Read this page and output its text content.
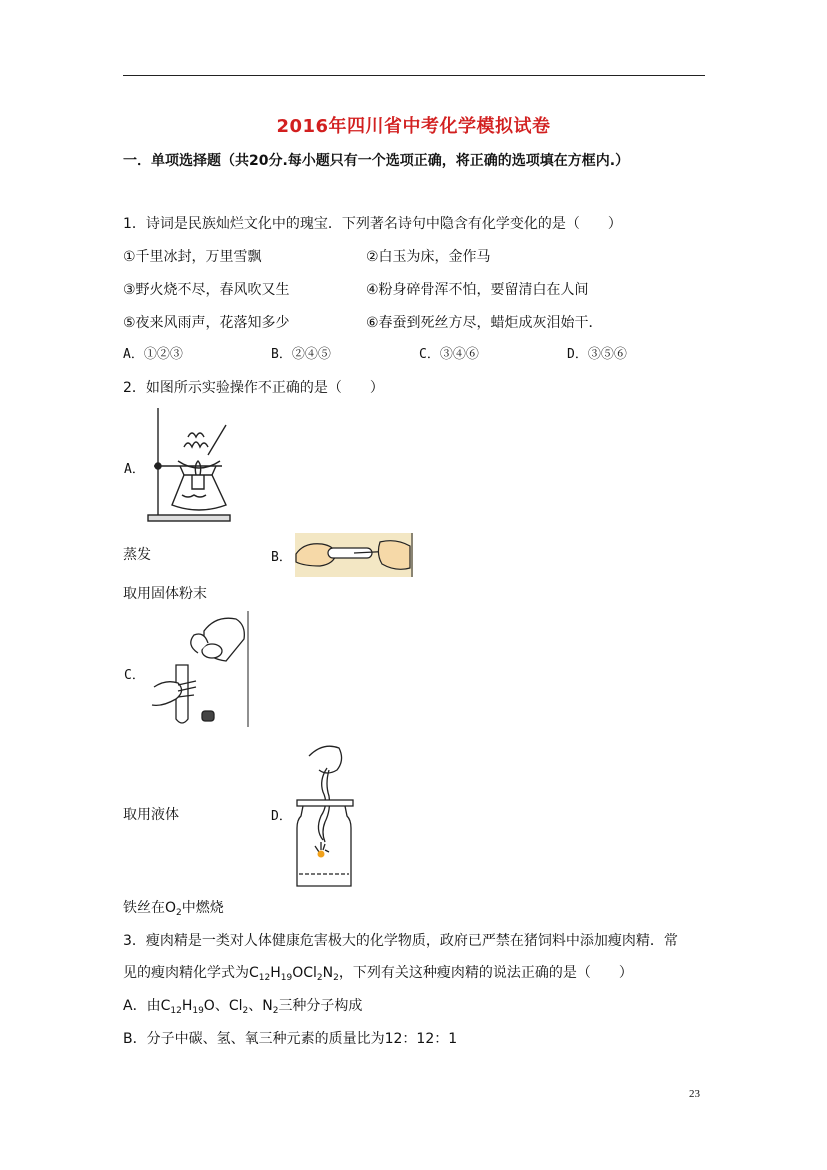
2016年四川省中考化学模拟试卷
一．单项选择题（共20分.每小题只有一个选项正确，将正确的选项填在方框内.）
1．诗词是民族灿烂文化中的瑰宝．下列著名诗句中隐含有化学变化的是（　　）
①千里冰封，万里雪飘	②白玉为床，金作马
③野火烧不尽，春风吹又生	④粉身碎骨浑不怕，要留清白在人间
⑤夜来风雨声，花落知多少	⑥春蚕到死丝方尽，蜡炬成灰泪始干．
A．①②③	B．②④⑤	C．③④⑥	D．③⑤⑥
2．如图所示实验操作不正确的是（　　）
A．
蒸发	B．
取用固体粉末
C．
取用液体	D．
铁丝在$O_2$中燃烧
3．瘦肉精是一类对人体健康危害极大的化学物质，政府已严禁在猪饲料中添加瘦肉精．常
见的瘦肉精化学式为$C_{12}H_{19}OCl_2N_2$，下列有关这种瘦肉精的说法正确的是（　　）
A．由$C_{12}H_{19}O$、$Cl_2$、$N_2$三种分子构成
B．分子中碳、氢、氧三种元素的质量比为12：12：1
23
